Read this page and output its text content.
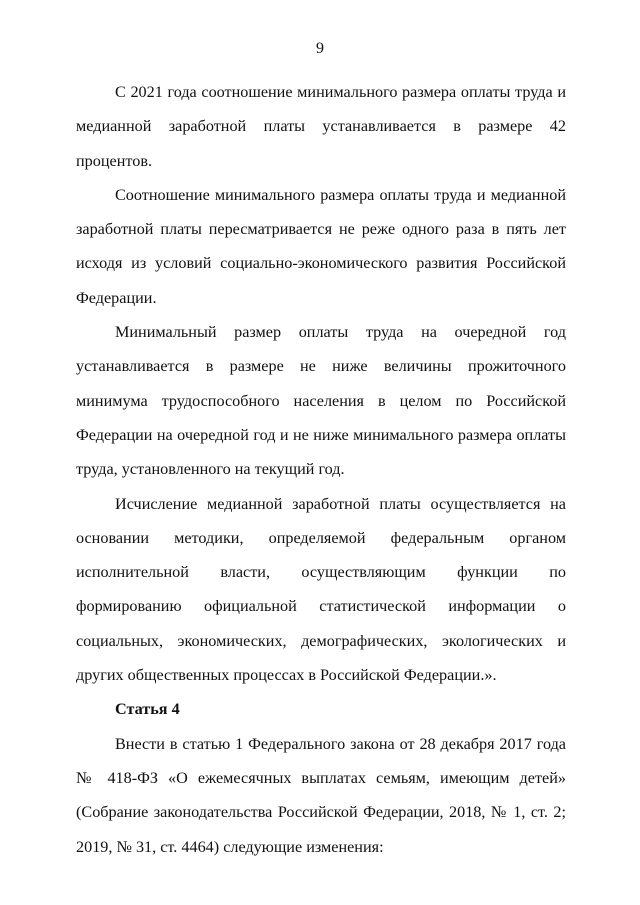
9

С 2021 года соотношение минимального размера оплаты труда и медианной заработной платы устанавливается в размере 42 процентов.

Соотношение минимального размера оплаты труда и медианной заработной платы пересматривается не реже одного раза в пять лет исходя из условий социально-экономического развития Российской Федерации.

Минимальный размер оплаты труда на очередной год устанавливается в размере не ниже величины прожиточного минимума трудоспособного населения в целом по Российской Федерации на очередной год и не ниже минимального размера оплаты труда, установленного на текущий год.

Исчисление медианной заработной платы осуществляется на основании методики, определяемой федеральным органом исполнительной власти, осуществляющим функции по формированию официальной статистической информации о социальных, экономических, демографических, экологических и других общественных процессах в Российской Федерации.».

Статья 4

Внести в статью 1 Федерального закона от 28 декабря 2017 года № 418-ФЗ «О ежемесячных выплатах семьям, имеющим детей» (Собрание законодательства Российской Федерации, 2018, № 1, ст. 2; 2019, № 31, ст. 4464) следующие изменения:
